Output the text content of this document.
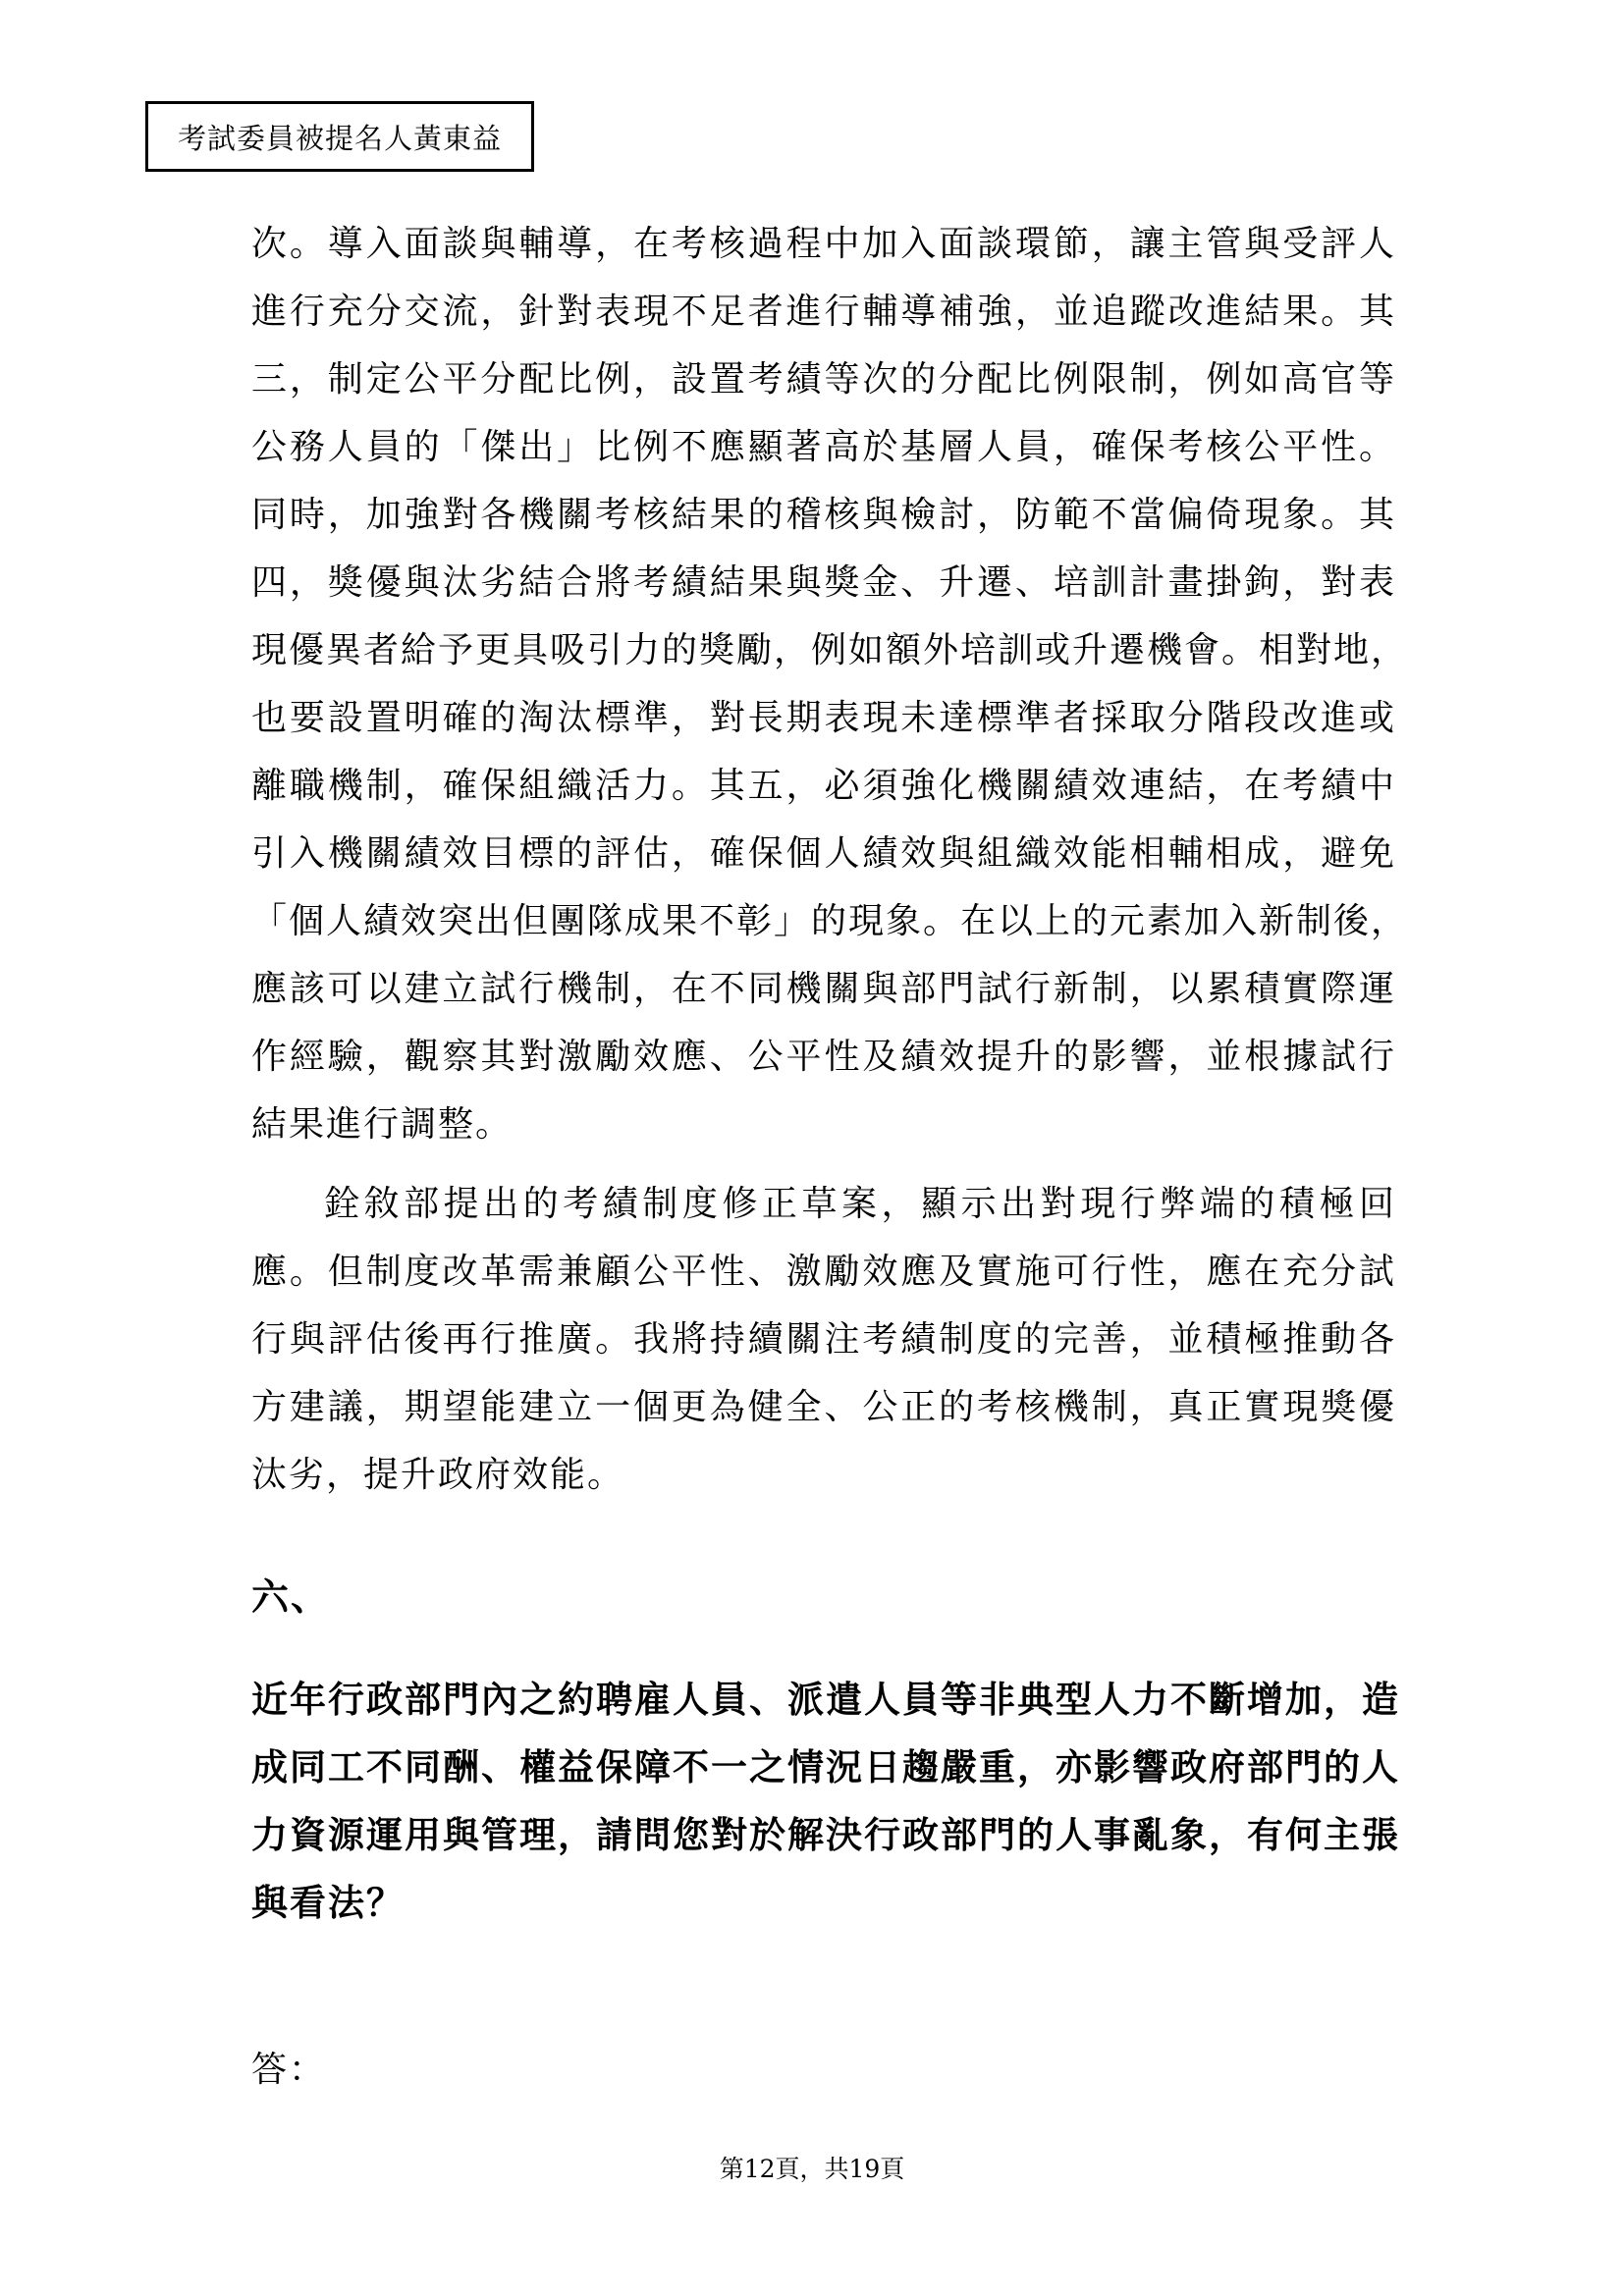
考試委員被提名人黃東益
次。導入面談與輔導，在考核過程中加入面談環節，讓主管與受評人
進行充分交流，針對表現不足者進行輔導補強，並追蹤改進結果。其
三，制定公平分配比例，設置考績等次的分配比例限制，例如高官等
公務人員的「傑出」比例不應顯著高於基層人員，確保考核公平性。
同時，加強對各機關考核結果的稽核與檢討，防範不當偏倚現象。其
四，獎優與汰劣結合將考績結果與獎金、升遷、培訓計畫掛鉤，對表
現優異者給予更具吸引力的獎勵，例如額外培訓或升遷機會。相對地，
也要設置明確的淘汰標準，對長期表現未達標準者採取分階段改進或
離職機制，確保組織活力。其五，必須強化機關績效連結，在考績中
引入機關績效目標的評估，確保個人績效與組織效能相輔相成，避免
「個人績效突出但團隊成果不彰」的現象。在以上的元素加入新制後，
應該可以建立試行機制，在不同機關與部門試行新制，以累積實際運
作經驗，觀察其對激勵效應、公平性及績效提升的影響，並根據試行
結果進行調整。
銓敘部提出的考績制度修正草案，顯示出對現行弊端的積極回
應。但制度改革需兼顧公平性、激勵效應及實施可行性，應在充分試
行與評估後再行推廣。我將持續關注考績制度的完善，並積極推動各
方建議，期望能建立一個更為健全、公正的考核機制，真正實現獎優
汰劣，提升政府效能。
六、
近年行政部門內之約聘雇人員、派遣人員等非典型人力不斷增加，造
成同工不同酬、權益保障不一之情況日趨嚴重，亦影響政府部門的人
力資源運用與管理，請問您對於解決行政部門的人事亂象，有何主張
與看法？
答：
第12頁，共19頁
